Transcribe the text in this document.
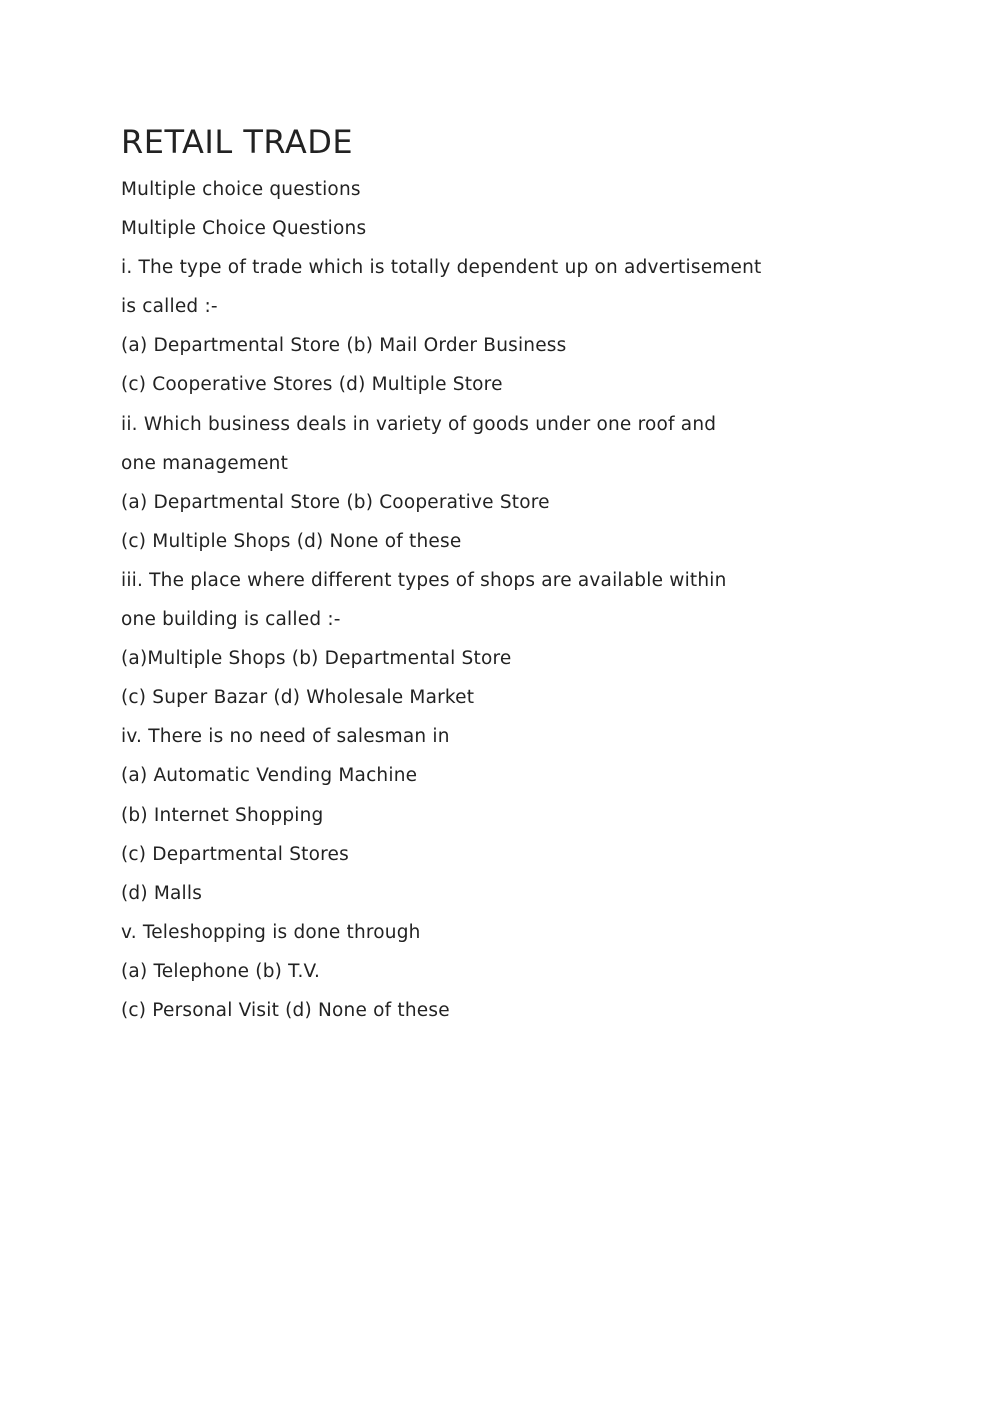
RETAIL TRADE
Multiple choice questions
Multiple Choice Questions
i. The type of trade which is totally dependent up on advertisement
is called :-
(a) Departmental Store (b) Mail Order Business
(c) Cooperative Stores (d) Multiple Store
ii. Which business deals in variety of goods under one roof and
one management
(a) Departmental Store (b) Cooperative Store
(c) Multiple Shops (d) None of these
iii. The place where different types of shops are available within
one building is called :-
(a)Multiple Shops (b) Departmental Store
(c) Super Bazar (d) Wholesale Market
iv. There is no need of salesman in
(a) Automatic Vending Machine
(b) Internet Shopping
(c) Departmental Stores
(d) Malls
v. Teleshopping is done through
(a) Telephone (b) T.V.
(c) Personal Visit (d) None of these
